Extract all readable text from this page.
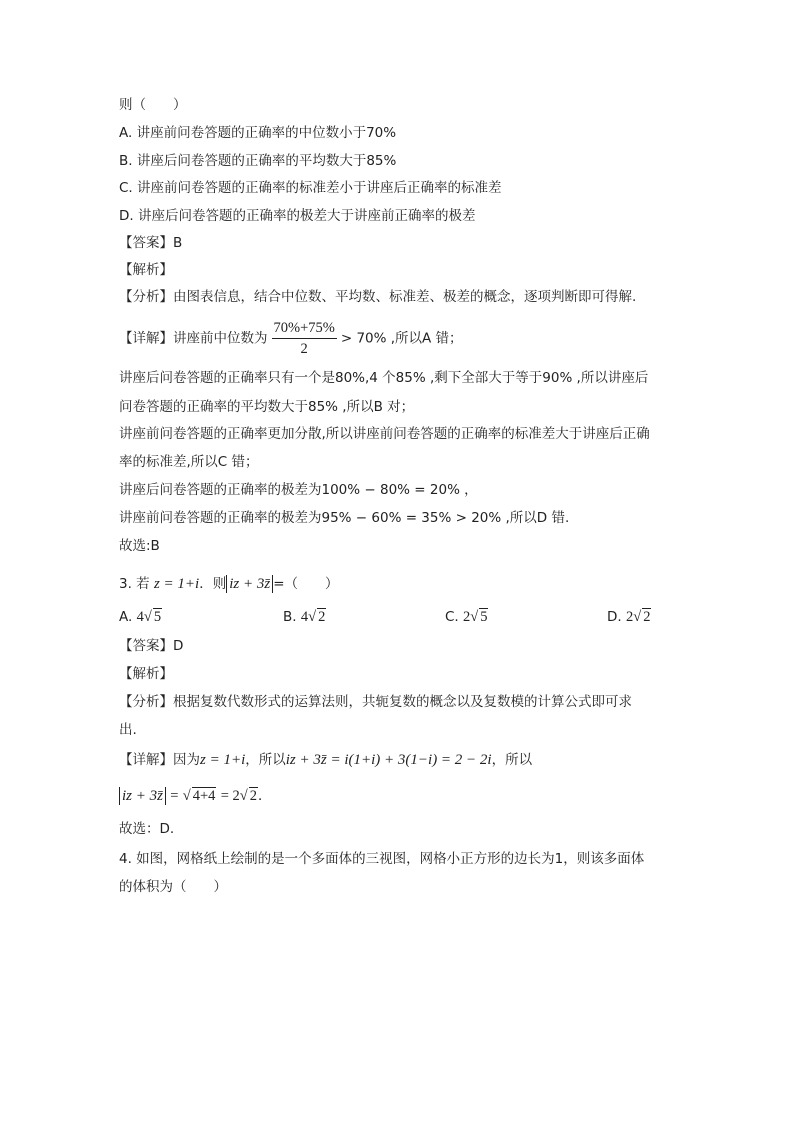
则（　　）
A. 讲座前问卷答题的正确率的中位数小于70%
B. 讲座后问卷答题的正确率的平均数大于85%
C. 讲座前问卷答题的正确率的标准差小于讲座后正确率的标准差
D. 讲座后问卷答题的正确率的极差大于讲座前正确率的极差
【答案】B
【解析】
【分析】由图表信息，结合中位数、平均数、标准差、极差的概念，逐项判断即可得解.
【详解】讲座前中位数为 $\frac{70\%+75\%}{2} > 70\%$ ,所以A 错；
讲座后问卷答题的正确率只有一个是80%,4 个85% ,剩下全部大于等于90% ,所以讲座后
问卷答题的正确率的平均数大于85% ,所以B 对；
讲座前问卷答题的正确率更加分散,所以讲座前问卷答题的正确率的标准差大于讲座后正确
率的标准差,所以C 错；
讲座后问卷答题的正确率的极差为100% − 80% = 20% ，
讲座前问卷答题的正确率的极差为95% − 60% = 35% > 20% ,所以D 错.
故选:B
3. 若 z = 1+i．则 iz + 3z̄ =（　　）
A. 4√ 5	B. 4√ 2	C. 2√ 5	D. 2√ 2
【答案】D
【解析】
【分析】根据复数代数形式的运算法则，共轭复数的概念以及复数模的计算公式即可求
出.
【详解】因为z = 1+i，所以iz + 3z̄ = i(1+i) + 3(1−i) = 2 − 2i，所以
iz + 3z̄ = √ 4+4 = 2√ 2．
故选：D.
4. 如图，网格纸上绘制的是一个多面体的三视图，网格小正方形的边长为1，则该多面体
的体积为（　　）
